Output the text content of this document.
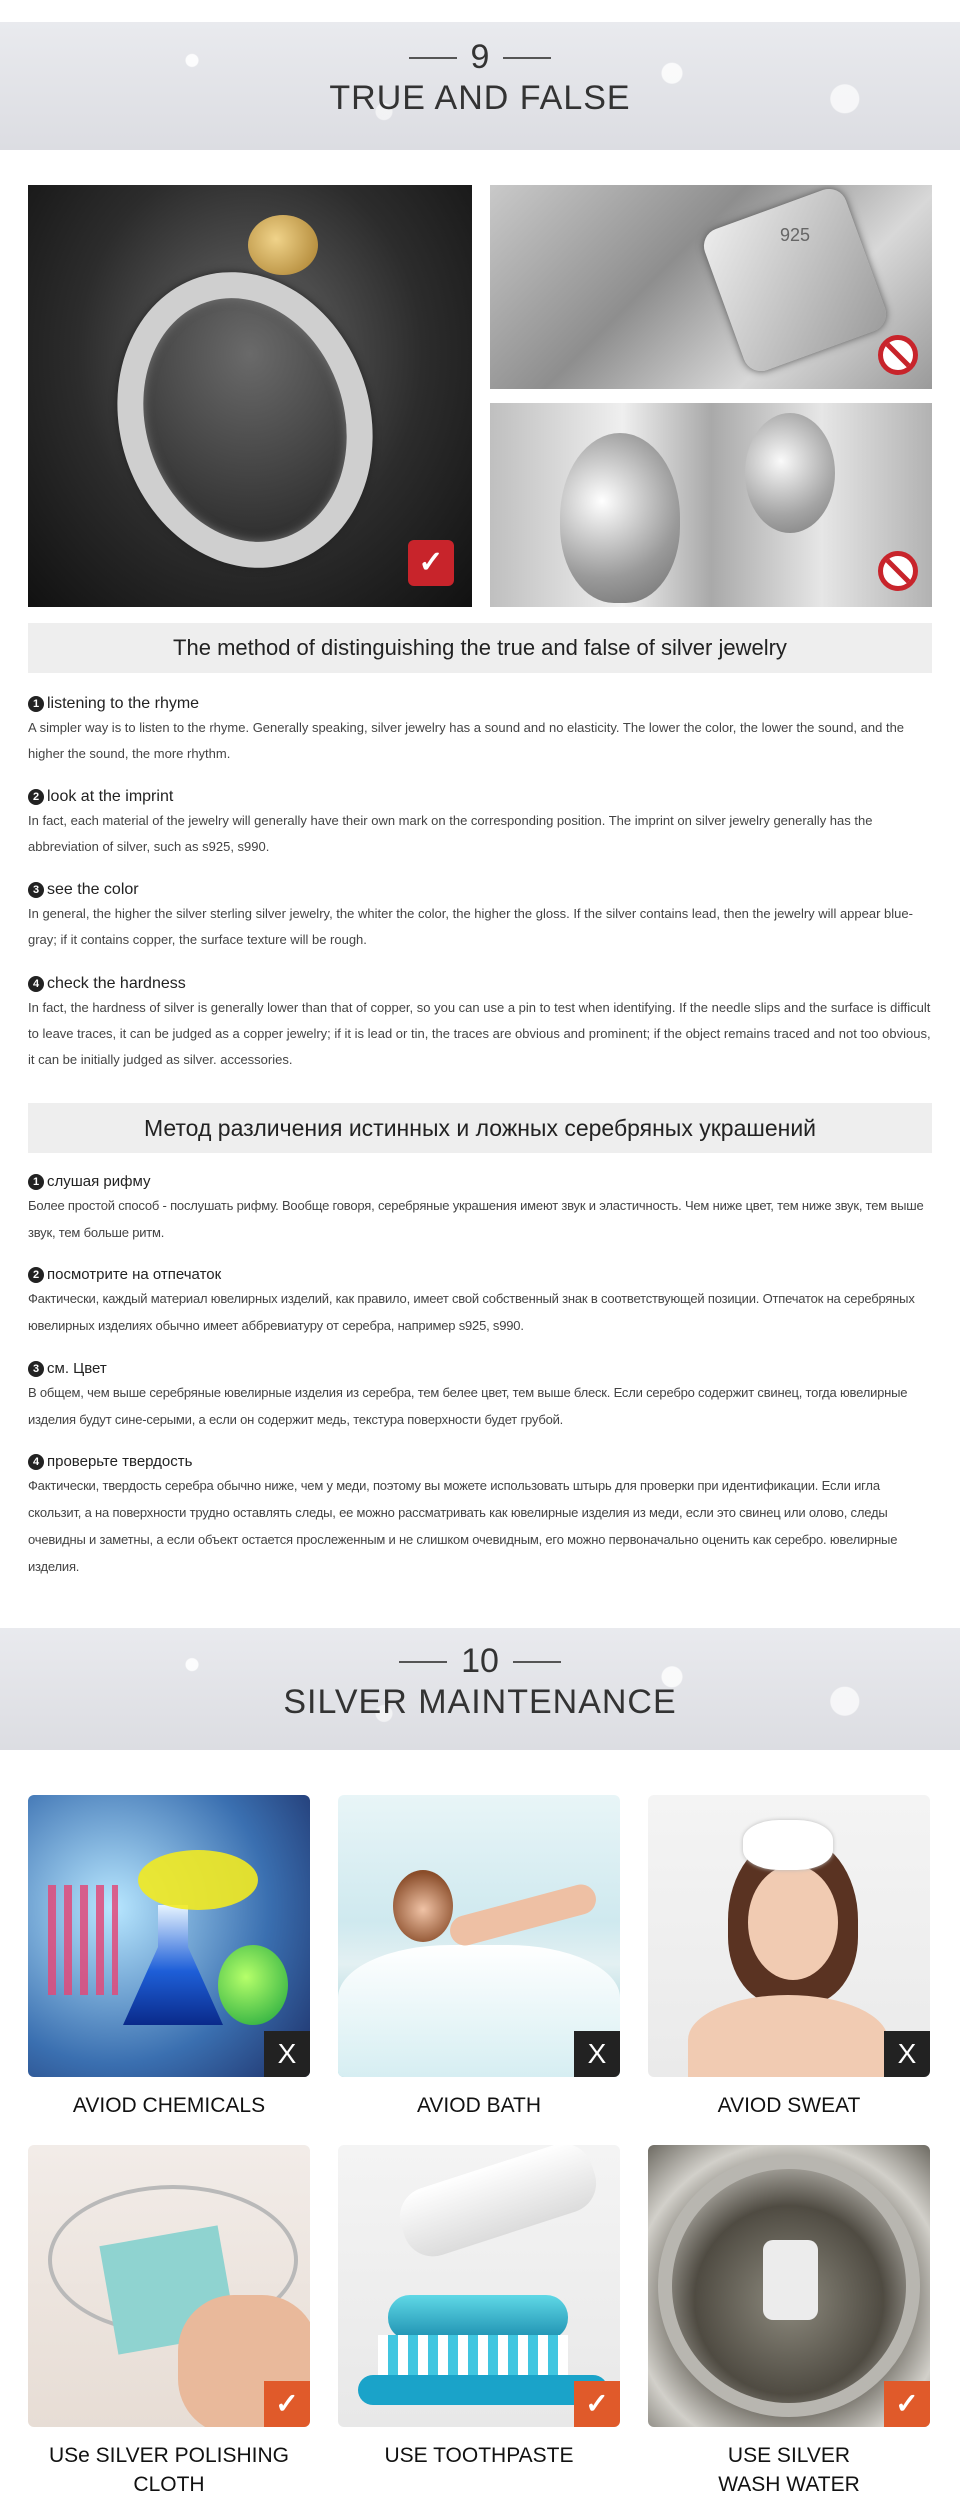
9
TRUE AND FALSE
✓
925
The method of distinguishing the true and false of silver jewelry
1 listening to the rhyme
A simpler way is to listen to the rhyme. Generally speaking, silver jewelry has a sound and no elasticity. The lower the color, the lower the sound, and the higher the sound, the more rhythm.
2 look at the imprint
In fact, each material of the jewelry will generally have their own mark on the corresponding position. The imprint on silver jewelry generally has the abbreviation of silver, such as s925, s990.
3 see the color
In general, the higher the silver sterling silver jewelry, the whiter the color, the higher the gloss. If the silver contains lead, then the jewelry will appear blue-gray; if it contains copper, the surface texture will be rough.
4 check the hardness
In fact, the hardness of silver is generally lower than that of copper, so you can use a pin to test when identifying. If the needle slips and the surface is difficult to leave traces, it can be judged as a copper jewelry; if it is lead or tin, the traces are obvious and prominent; if the object remains traced and not too obvious, it can be initially judged as silver. accessories.
Метод различения истинных и ложных серебряных украшений
1 слушая рифму
Более простой способ - послушать рифму. Вообще говоря, серебряные украшения имеют звук и эластичность. Чем ниже цвет, тем ниже звук, тем выше звук, тем больше ритм.
2 посмотрите на отпечаток
Фактически, каждый материал ювелирных изделий, как правило, имеет свой собственный знак в соответствующей позиции. Отпечаток на серебряных ювелирных изделиях обычно имеет аббревиатуру от серебра, например s925, s990.
3 см. Цвет
В общем, чем выше серебряные ювелирные изделия из серебра, тем белее цвет, тем выше блеск. Если серебро содержит свинец, тогда ювелирные изделия будут сине-серыми, а если он содержит медь, текстура поверхности будет грубой.
4 проверьте твердость
Фактически, твердость серебра обычно ниже, чем у меди, поэтому вы можете использовать штырь для проверки при идентификации. Если игла скользит, а на поверхности трудно оставлять следы, ее можно рассматривать как ювелирные изделия из меди, если это свинец или олово, следы очевидны и заметны, а если объект остается прослеженным и не слишком очевидным, его можно первоначально оценить как серебро. ювелирные изделия.
10
SILVER MAINTENANCE
X
AVIOD CHEMICALS
X
AVIOD BATH
X
AVIOD SWEAT
✓
USe SILVER POLISHING CLOTH
✓
USE TOOTHPASTE
✓
USE SILVER WASH WATER
